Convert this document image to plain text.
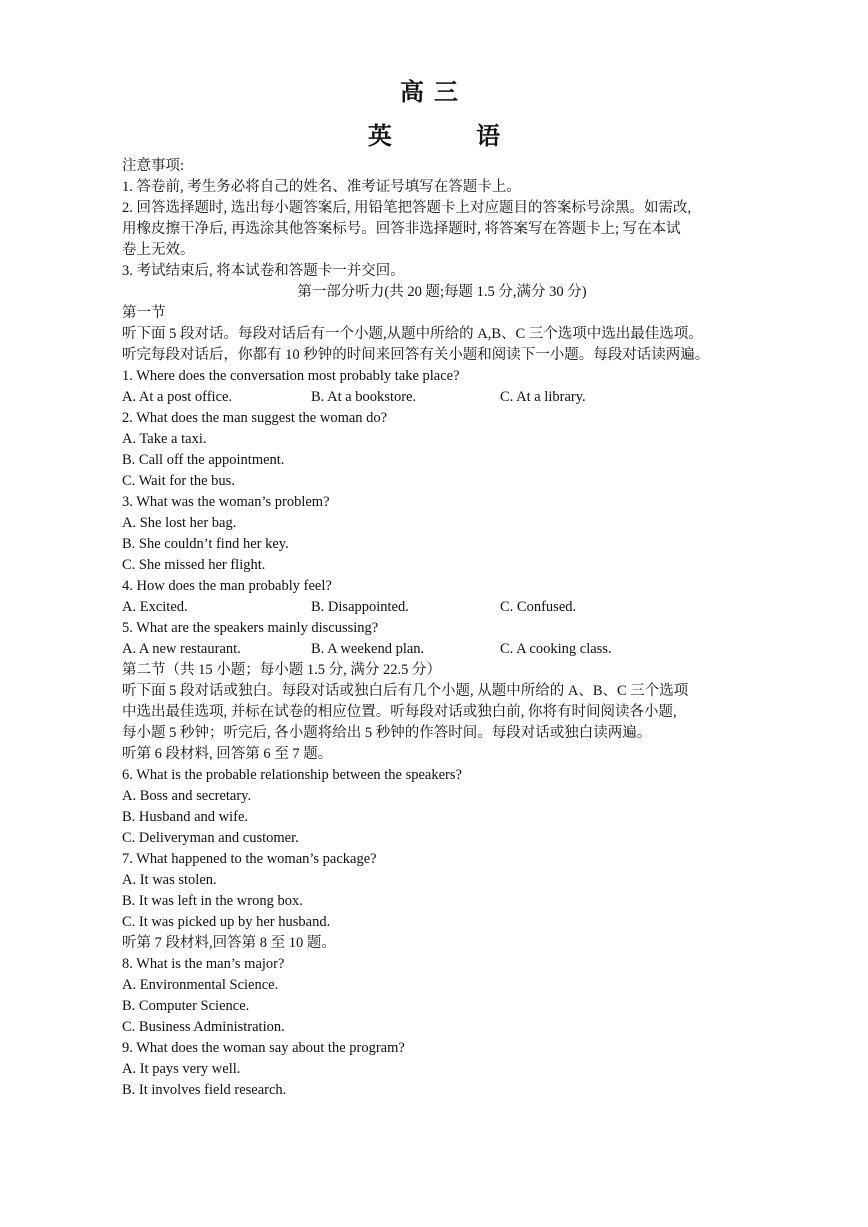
高三
英 语
注意事项:
1. 答卷前, 考生务必将自己的姓名、准考证号填写在答题卡上。
2. 回答选择题时, 选出每小题答案后, 用铅笔把答题卡上对应题目的答案标号涂黑。如需改,
用橡皮擦干净后, 再选涂其他答案标号。回答非选择题时, 将答案写在答题卡上; 写在本试
卷上无效。
3. 考试结束后, 将本试卷和答题卡一并交回。
第一部分听力(共 20 题;每题 1.5 分,满分 30 分)
第一节
听下面 5 段对话。每段对话后有一个小题,从题中所给的 A,B、C 三个选项中选出最佳选项。
听完每段对话后，你都有 10 秒钟的时间来回答有关小题和阅读下一小题。每段对话读两遍。
1. Where does the conversation most probably take place?
A. At a post office.	B. At a bookstore.	C. At a library.
2. What does the man suggest the woman do?
A. Take a taxi.
B. Call off the appointment.
C. Wait for the bus.
3. What was the woman’s problem?
A. She lost her bag.
B. She couldn’t find her key.
C. She missed her flight.
4. How does the man probably feel?
A. Excited.	B. Disappointed.	C. Confused.
5. What are the speakers mainly discussing?
A. A new restaurant.	B. A weekend plan.	C. A cooking class.
第二节（共 15 小题；每小题 1.5 分, 满分 22.5 分）
听下面 5 段对话或独白。每段对话或独白后有几个小题, 从题中所给的 A、B、C 三个选项
中选出最佳选项, 并标在试卷的相应位置。听每段对话或独白前, 你将有时间阅读各小题,
每小题 5 秒钟；听完后, 各小题将给出 5 秒钟的作答时间。每段对话或独白读两遍。
听第 6 段材料, 回答第 6 至 7 题。
6. What is the probable relationship between the speakers?
A. Boss and secretary.
B. Husband and wife.
C. Deliveryman and customer.
7. What happened to the woman’s package?
A. It was stolen.
B. It was left in the wrong box.
C. It was picked up by her husband.
听第 7 段材料,回答第 8 至 10 题。
8. What is the man’s major?
A. Environmental Science.
B. Computer Science.
C. Business Administration.
9. What does the woman say about the program?
A. It pays very well.
B. It involves field research.
